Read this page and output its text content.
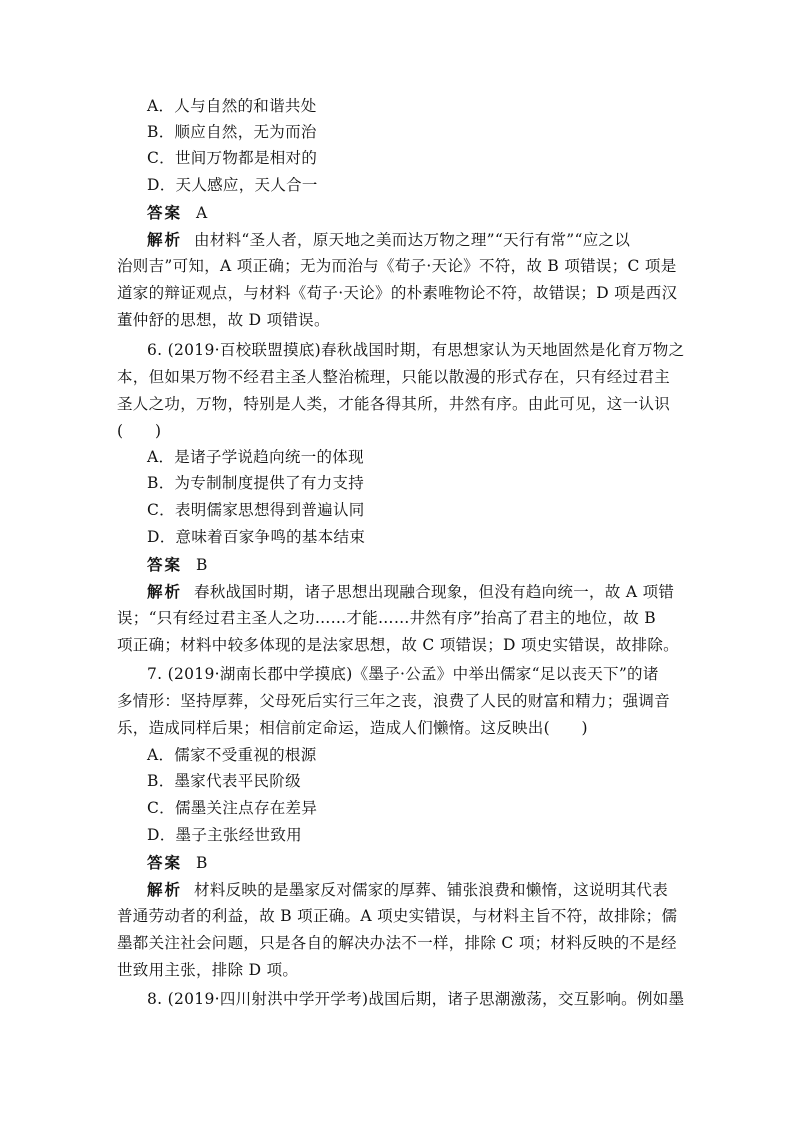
A．人与自然的和谐共处
B．顺应自然，无为而治
C．世间万物都是相对的
D．天人感应，天人合一
答案 A
解析 由材料“圣人者，原天地之美而达万物之理”“天行有常”“应之以
治则吉”可知，A 项正确；无为而治与《荀子·天论》不符，故 B 项错误；C 项是
道家的辩证观点，与材料《荀子·天论》的朴素唯物论不符，故错误；D 项是西汉
董仲舒的思想，故 D 项错误。
6. (2019·百校联盟摸底)春秋战国时期，有思想家认为天地固然是化育万物之
本，但如果万物不经君主圣人整治梳理，只能以散漫的形式存在，只有经过君主
圣人之功，万物，特别是人类，才能各得其所，井然有序。由此可见，这一认识
(　　)
A．是诸子学说趋向统一的体现
B．为专制制度提供了有力支持
C．表明儒家思想得到普遍认同
D．意味着百家争鸣的基本结束
答案 B
解析 春秋战国时期，诸子思想出现融合现象，但没有趋向统一，故 A 项错
误；“只有经过君主圣人之功……才能……井然有序”抬高了君主的地位，故 B
项正确；材料中较多体现的是法家思想，故 C 项错误；D 项史实错误，故排除。
7. (2019·湖南长郡中学摸底)《墨子·公孟》中举出儒家“足以丧天下”的诸
多情形：坚持厚葬，父母死后实行三年之丧，浪费了人民的财富和精力；强调音
乐，造成同样后果；相信前定命运，造成人们懒惰。这反映出(　　)
A．儒家不受重视的根源
B．墨家代表平民阶级
C．儒墨关注点存在差异
D．墨子主张经世致用
答案 B
解析 材料反映的是墨家反对儒家的厚葬、铺张浪费和懒惰，这说明其代表
普通劳动者的利益，故 B 项正确。A 项史实错误，与材料主旨不符，故排除；儒
墨都关注社会问题，只是各自的解决办法不一样，排除 C 项；材料反映的不是经
世致用主张，排除 D 项。
8. (2019·四川射洪中学开学考)战国后期，诸子思潮激荡，交互影响。例如墨
